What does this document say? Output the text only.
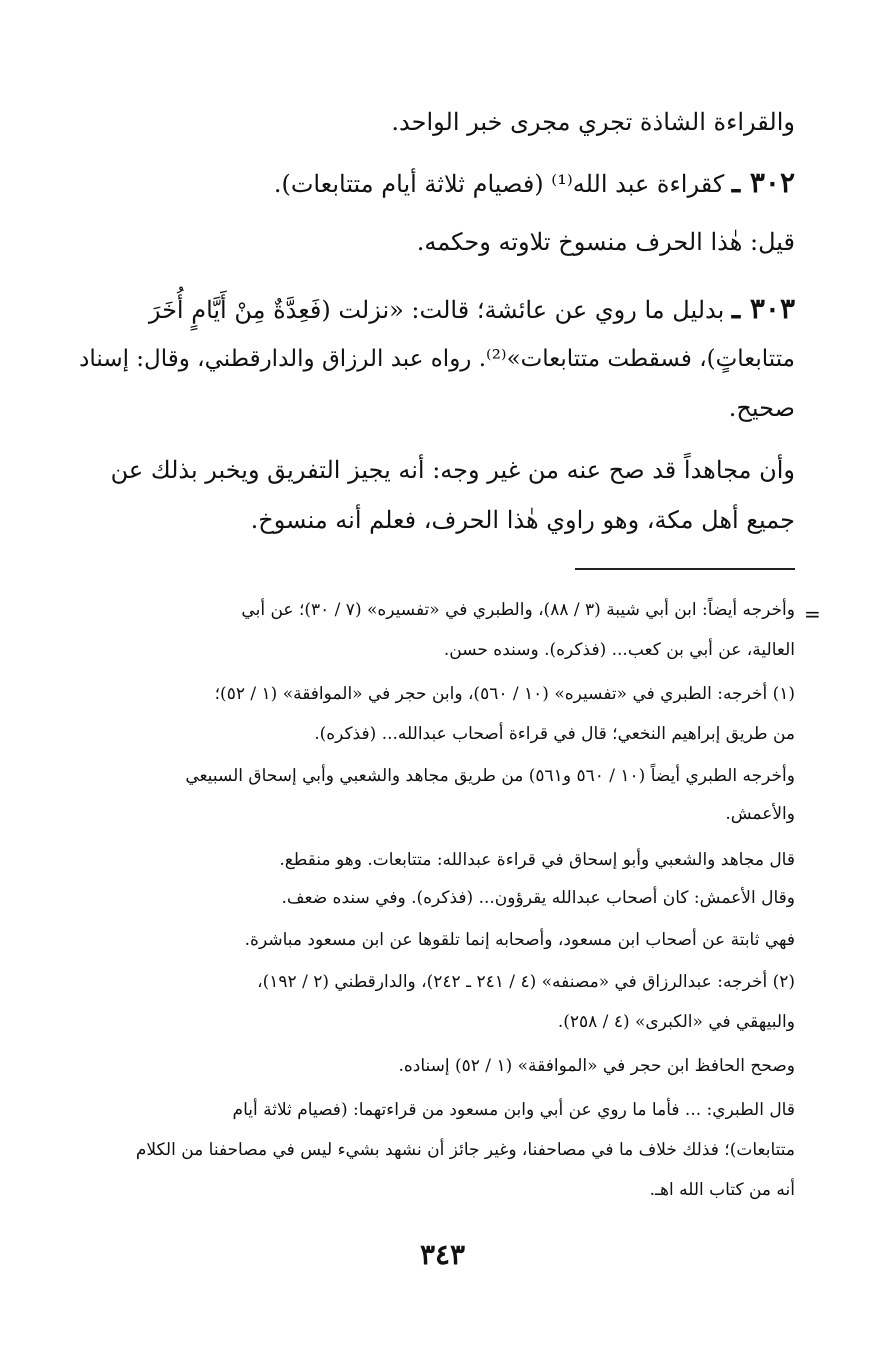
والقراءة الشاذة تجري مجرى خبر الواحد.
٣٠٢ ـ كقراءة عبد الله⁽¹⁾ (فصيام ثلاثة أيام متتابعات).
قيل: هٰذا الحرف منسوخ تلاوته وحكمه.
٣٠٣ ـ بدليل ما روي عن عائشة؛ قالت: «نزلت (فَعِدَّةٌ مِنْ أَيَّامٍ أُخَرَ
متتابعاتٍ)، فسقطت متتابعات»⁽²⁾. رواه عبد الرزاق والدارقطني، وقال: إسناد
صحيح.
وأن مجاهداً قد صح عنه من غير وجه: أنه يجيز التفريق ويخبر بذلك عن
جميع أهل مكة، وهو راوي هٰذا الحرف، فعلم أنه منسوخ.
=
وأخرجه أيضاً: ابن أبي شيبة (٣ / ٨٨)، والطبري في «تفسيره» (٧ / ٣٠)؛ عن أبي
العالية، عن أبي بن كعب... (فذكره). وسنده حسن.
(١) أخرجه: الطبري في «تفسيره» (١٠ / ٥٦٠)، وابن حجر في «الموافقة» (١ / ٥٢)؛
من طريق إبراهيم النخعي؛ قال في قراءة أصحاب عبدالله... (فذكره).
وأخرجه الطبري أيضاً (١٠ / ٥٦٠ و٥٦١) من طريق مجاهد والشعبي وأبي إسحاق السبيعي
والأعمش.
قال مجاهد والشعبي وأبو إسحاق في قراءة عبدالله: متتابعات. وهو منقطع.
وقال الأعمش: كان أصحاب عبدالله يقرؤون... (فذكره). وفي سنده ضعف.
فهي ثابتة عن أصحاب ابن مسعود، وأصحابه إنما تلقوها عن ابن مسعود مباشرة.
(٢) أخرجه: عبدالرزاق في «مصنفه» (٤ / ٢٤١ ـ ٢٤٢)، والدارقطني (٢ / ١٩٢)،
والبيهقي في «الكبرى» (٤ / ٢٥٨).
وصحح الحافظ ابن حجر في «الموافقة» (١ / ٥٢) إسناده.
قال الطبري: ... فأما ما روي عن أبي وابن مسعود من قراءتهما: (فصيام ثلاثة أيام
متتابعات)؛ فذلك خلاف ما في مصاحفنا، وغير جائز أن نشهد بشيء ليس في مصاحفنا من الكلام
أنه من كتاب الله اهـ.
٣٤٣
